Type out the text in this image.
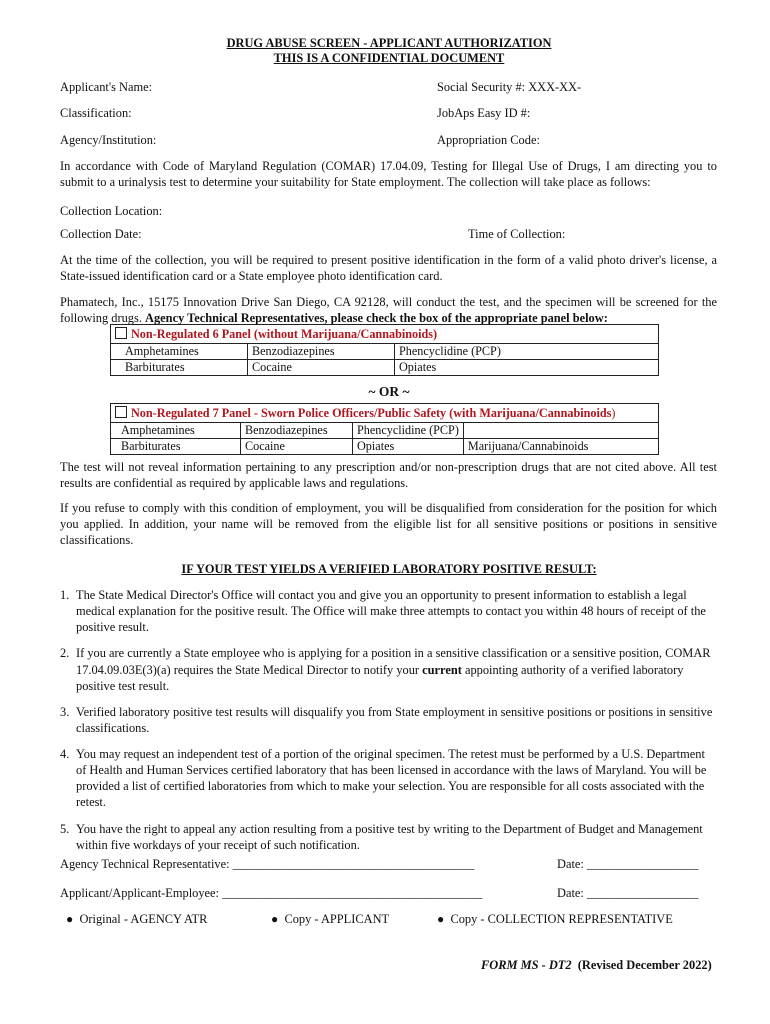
DRUG ABUSE SCREEN - APPLICANT AUTHORIZATION
THIS IS A CONFIDENTIAL DOCUMENT
Applicant's Name:	Social Security #: XXX-XX-
Classification:	JobAps Easy ID #:
Agency/Institution:	Appropriation Code:
In accordance with Code of Maryland Regulation (COMAR) 17.04.09, Testing for Illegal Use of Drugs, I am directing you to submit to a urinalysis test to determine your suitability for State employment. The collection will take place as follows:
Collection Location:
Collection Date:	Time of Collection:
At the time of the collection, you will be required to present positive identification in the form of a valid photo driver's license, a State-issued identification card or a State employee photo identification card.
Phamatech, Inc., 15175 Innovation Drive San Diego, CA 92128, will conduct the test, and the specimen will be screened for the following drugs. Agency Technical Representatives, please check the box of the appropriate panel below:
Non-Regulated 6 Panel (without Marijuana/Cannabinoids)		
Amphetamines	Benzodiazepines	Phencyclidine (PCP)
Barbiturates	Cocaine	Opiates
~ OR ~
Non-Regulated 7 Panel - Sworn Police Officers/Public Safety (with Marijuana/Cannabinoids)			
Amphetamines	Benzodiazepines	Phencyclidine (PCP)	
Barbiturates	Cocaine	Opiates	Marijuana/Cannabinoids
The test will not reveal information pertaining to any prescription and/or non-prescription drugs that are not cited above. All test results are confidential as required by applicable laws and regulations.
If you refuse to comply with this condition of employment, you will be disqualified from consideration for the position for which you applied. In addition, your name will be removed from the eligible list for all sensitive positions or positions in sensitive classifications.
IF YOUR TEST YIELDS A VERIFIED LABORATORY POSITIVE RESULT:
1. The State Medical Director's Office will contact you and give you an opportunity to present information to establish a legal medical explanation for the positive result. The Office will make three attempts to contact you within 48 hours of receipt of the positive result.
2. If you are currently a State employee who is applying for a position in a sensitive classification or a sensitive position, COMAR 17.04.09.03E(3)(a) requires the State Medical Director to notify your current appointing authority of a verified laboratory positive test result.
3. Verified laboratory positive test results will disqualify you from State employment in sensitive positions or positions in sensitive classifications.
4. You may request an independent test of a portion of the original specimen. The retest must be performed by a U.S. Department of Health and Human Services certified laboratory that has been licensed in accordance with the laws of Maryland. You will be provided a list of certified laboratories from which to make your selection. You are responsible for all costs associated with the retest.
5. You have the right to appeal any action resulting from a positive test by writing to the Department of Budget and Management within five workdays of your receipt of such notification.
Agency Technical Representative: _______________________________________	Date: __________________
Applicant/Applicant-Employee: __________________________________________	Date: __________________
● Original - AGENCY ATR	● Copy - APPLICANT	● Copy - COLLECTION REPRESENTATIVE
FORM MS - DT2 (Revised December 2022)
